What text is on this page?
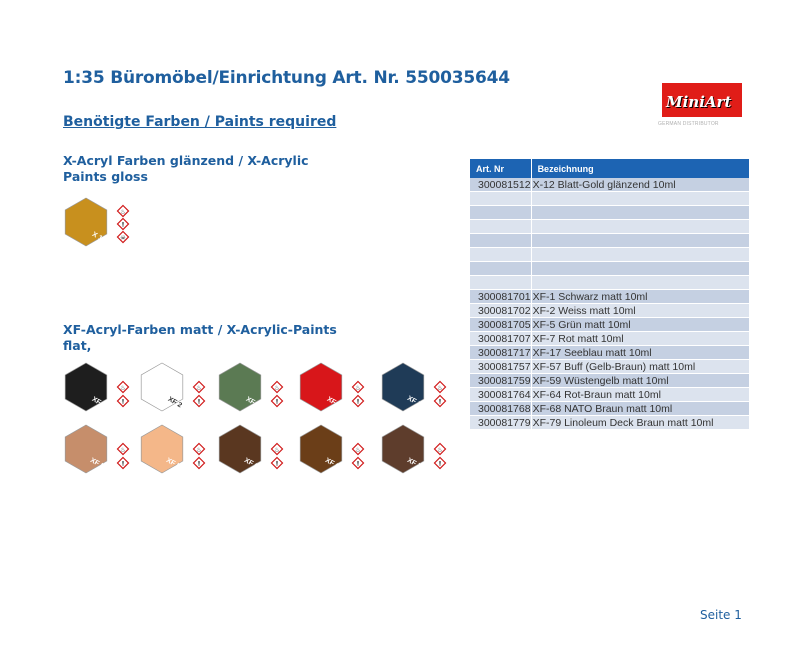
1:35 Büromöbel/Einrichtung Art. Nr. 550035644
Benötigte Farben / Paints required
MiniArt
GERMAN DISTRIBUTOR
X-Acryl Farben glänzend / X-Acrylic Paints gloss
XF-Acryl-Farben matt / X-Acrylic-Paints flat,
X 12
♨
!
☠
XF 1
♨
!	XF 2
♨
!	XF 5
♨
!	XF 7
♨
!	XF 17
♨
!
XF 57
♨
!	XF 52
♨
!	XF 64
♨
!	XF 68
♨
!	XF 79
♨
!
Art. Nr	Bezeichnung
300081512	X-12 Blatt-Gold glänzend 10ml

300081701	XF-1 Schwarz matt 10ml
300081702	XF-2 Weiss matt 10ml
300081705	XF-5 Grün matt 10ml
300081707	XF-7 Rot matt 10ml
300081717	XF-17 Seeblau matt 10ml
300081757	XF-57 Buff (Gelb-Braun) matt 10ml
300081759	XF-59 Wüstengelb matt 10ml
300081764	XF-64 Rot-Braun matt 10ml
300081768	XF-68 NATO Braun matt 10ml
300081779	XF-79 Linoleum Deck Braun matt 10ml
Seite 1
